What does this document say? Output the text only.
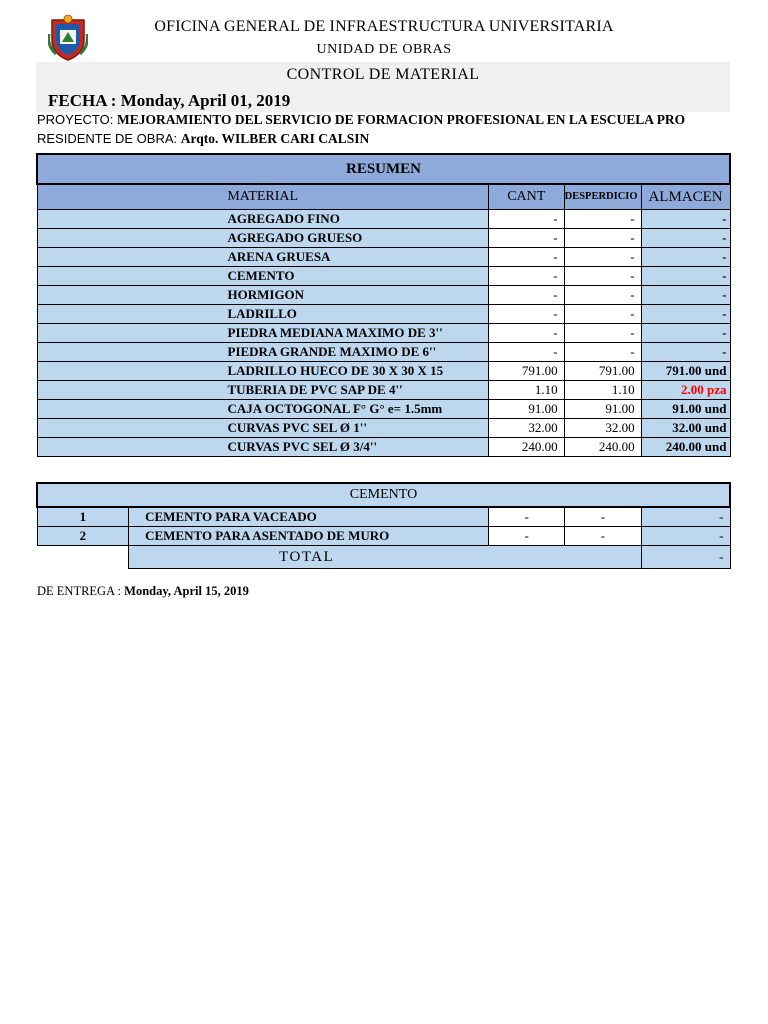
OFICINA GENERAL DE INFRAESTRUCTURA UNIVERSITARIA
UNIDAD DE OBRAS
CONTROL DE MATERIAL
FECHA : Monday, April 01, 2019
PROYECTO: MEJORAMIENTO DEL SERVICIO DE FORMACION PROFESIONAL EN LA ESCUELA PRO
RESIDENTE DE OBRA: Arqto. WILBER CARI CALSIN
RESUMEN			
MATERIAL	CANT	DESPERDICIO	ALMACEN
AGREGADO FINO	-	-	-
AGREGADO GRUESO	-	-	-
ARENA GRUESA	-	-	-
CEMENTO	-	-	-
HORMIGON	-	-	-
LADRILLO	-	-	-
PIEDRA MEDIANA MAXIMO DE 3''	-	-	-
PIEDRA GRANDE MAXIMO DE 6''	-	-	-
LADRILLO HUECO DE 30 X 30 X 15	791.00	791.00	791.00 und
TUBERIA DE PVC SAP DE 4''	1.10	1.10	2.00 pza
CAJA OCTOGONAL F° G° e= 1.5mm	91.00	91.00	91.00 und
CURVAS PVC SEL Ø 1''	32.00	32.00	32.00 und
CURVAS PVC SEL Ø 3/4''	240.00	240.00	240.00 und
CEMENTO				
1	CEMENTO PARA VACEADO	-	-	-
2	CEMENTO PARA ASENTADO DE MURO	-	-	-
	TOTAL			-
DE ENTREGA : Monday, April 15, 2019
